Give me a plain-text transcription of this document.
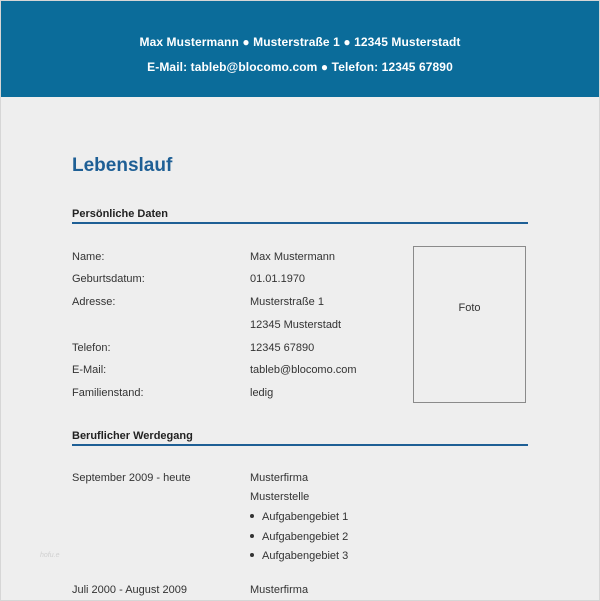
Max Mustermann ● Musterstraße 1 ● 12345 Musterstadt
E-Mail: tableb@blocomo.com ● Telefon: 12345 67890
Lebenslauf
Persönliche Daten
Name:	Max Mustermann
Geburtsdatum:	01.01.1970
Adresse:	Musterstraße 1
12345 Musterstadt
Telefon:	12345 67890
E-Mail:	tableb@blocomo.com
Familienstand:	ledig
Foto
Beruflicher Werdegang
September 2009 - heute	Musterfirma
Musterstelle
Aufgabengebiet 1
Aufgabengebiet 2
Aufgabengebiet 3
Juli 2000 - August 2009	Musterfirma
hofu.e
